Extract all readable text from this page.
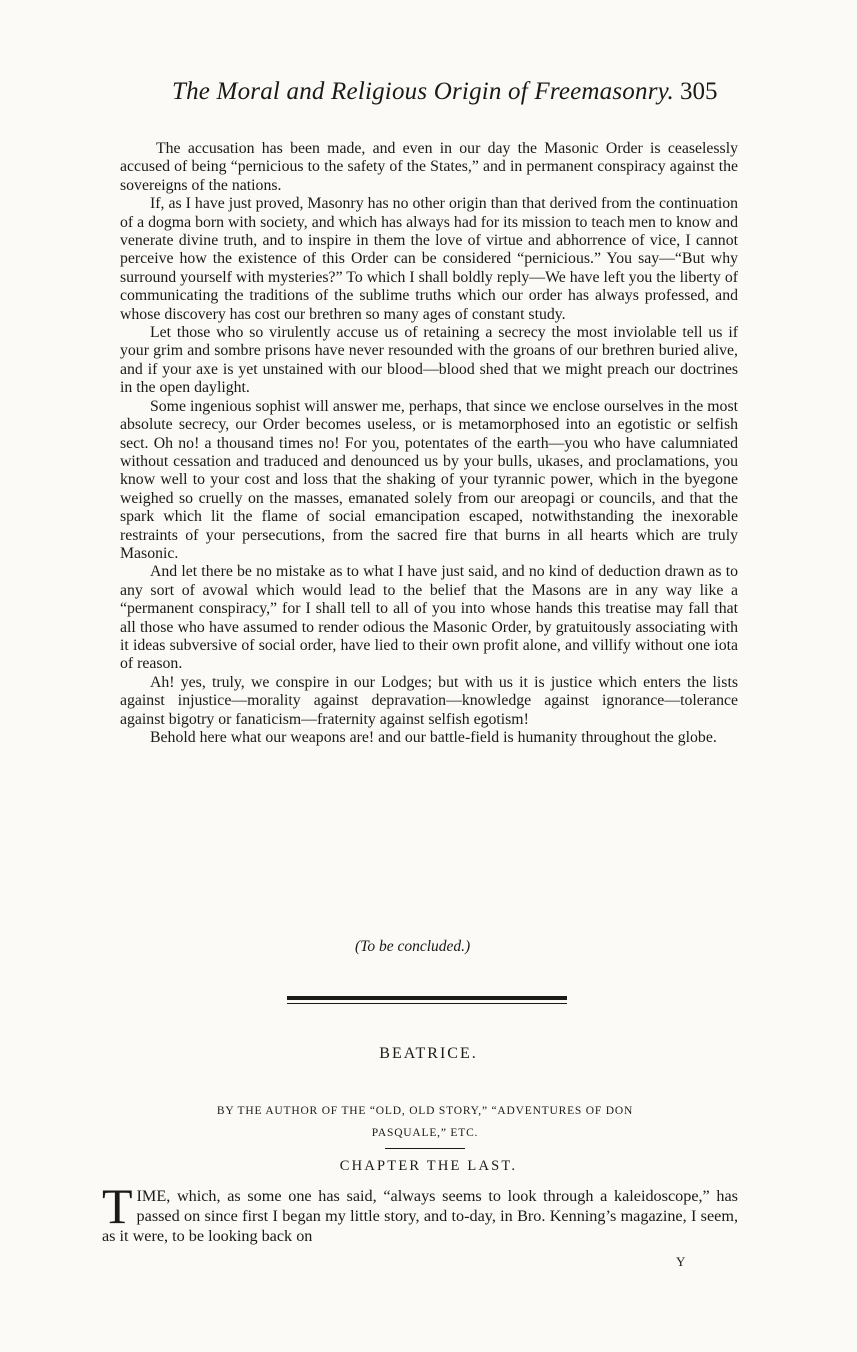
The Moral and Religious Origin of Freemasonry. 305

The accusation has been made, and even in our day the Masonic Order is ceaselessly accused of being “pernicious to the safety of the States,” and in permanent conspiracy against the sovereigns of the nations.

If, as I have just proved, Masonry has no other origin than that derived from the continuation of a dogma born with society, and which has always had for its mission to teach men to know and venerate divine truth, and to inspire in them the love of virtue and abhorrence of vice, I cannot perceive how the existence of this Order can be considered “pernicious.” You say—“But why surround yourself with mysteries?” To which I shall boldly reply—We have left you the liberty of communicating the traditions of the sublime truths which our order has always professed, and whose discovery has cost our brethren so many ages of constant study.

Let those who so virulently accuse us of retaining a secrecy the most inviolable tell us if your grim and sombre prisons have never resounded with the groans of our brethren buried alive, and if your axe is yet unstained with our blood—blood shed that we might preach our doctrines in the open daylight.

Some ingenious sophist will answer me, perhaps, that since we enclose ourselves in the most absolute secrecy, our Order becomes useless, or is metamorphosed into an egotistic or selfish sect. Oh no! a thousand times no! For you, potentates of the earth—you who have calumniated without cessation and traduced and denounced us by your bulls, ukases, and proclamations, you know well to your cost and loss that the shaking of your tyrannic power, which in the byegone weighed so cruelly on the masses, emanated solely from our areopagi or councils, and that the spark which lit the flame of social emancipation escaped, notwithstanding the inexorable restraints of your persecutions, from the sacred fire that burns in all hearts which are truly Masonic.

And let there be no mistake as to what I have just said, and no kind of deduction drawn as to any sort of avowal which would lead to the belief that the Masons are in any way like a “permanent conspiracy,” for I shall tell to all of you into whose hands this treatise may fall that all those who have assumed to render odious the Masonic Order, by gratuitously associating with it ideas subversive of social order, have lied to their own profit alone, and villify without one iota of reason.

Ah! yes, truly, we conspire in our Lodges; but with us it is justice which enters the lists against injustice—morality against depravation—knowledge against ignorance—tolerance against bigotry or fanaticism—fraternity against selfish egotism!

Behold here what our weapons are! and our battle-field is humanity throughout the globe.

(To be concluded.)
BEATRICE.
BY THE AUTHOR OF THE “OLD, OLD STORY,” “ADVENTURES OF DON
PASQUALE,” ETC.
CHAPTER THE LAST.
T IME, which, as some one has said, “always seems to look through a kaleidoscope,” has passed on since first I began my little story, and to-day, in Bro. Kenning’s magazine, I seem, as it were, to be looking back on

Y
